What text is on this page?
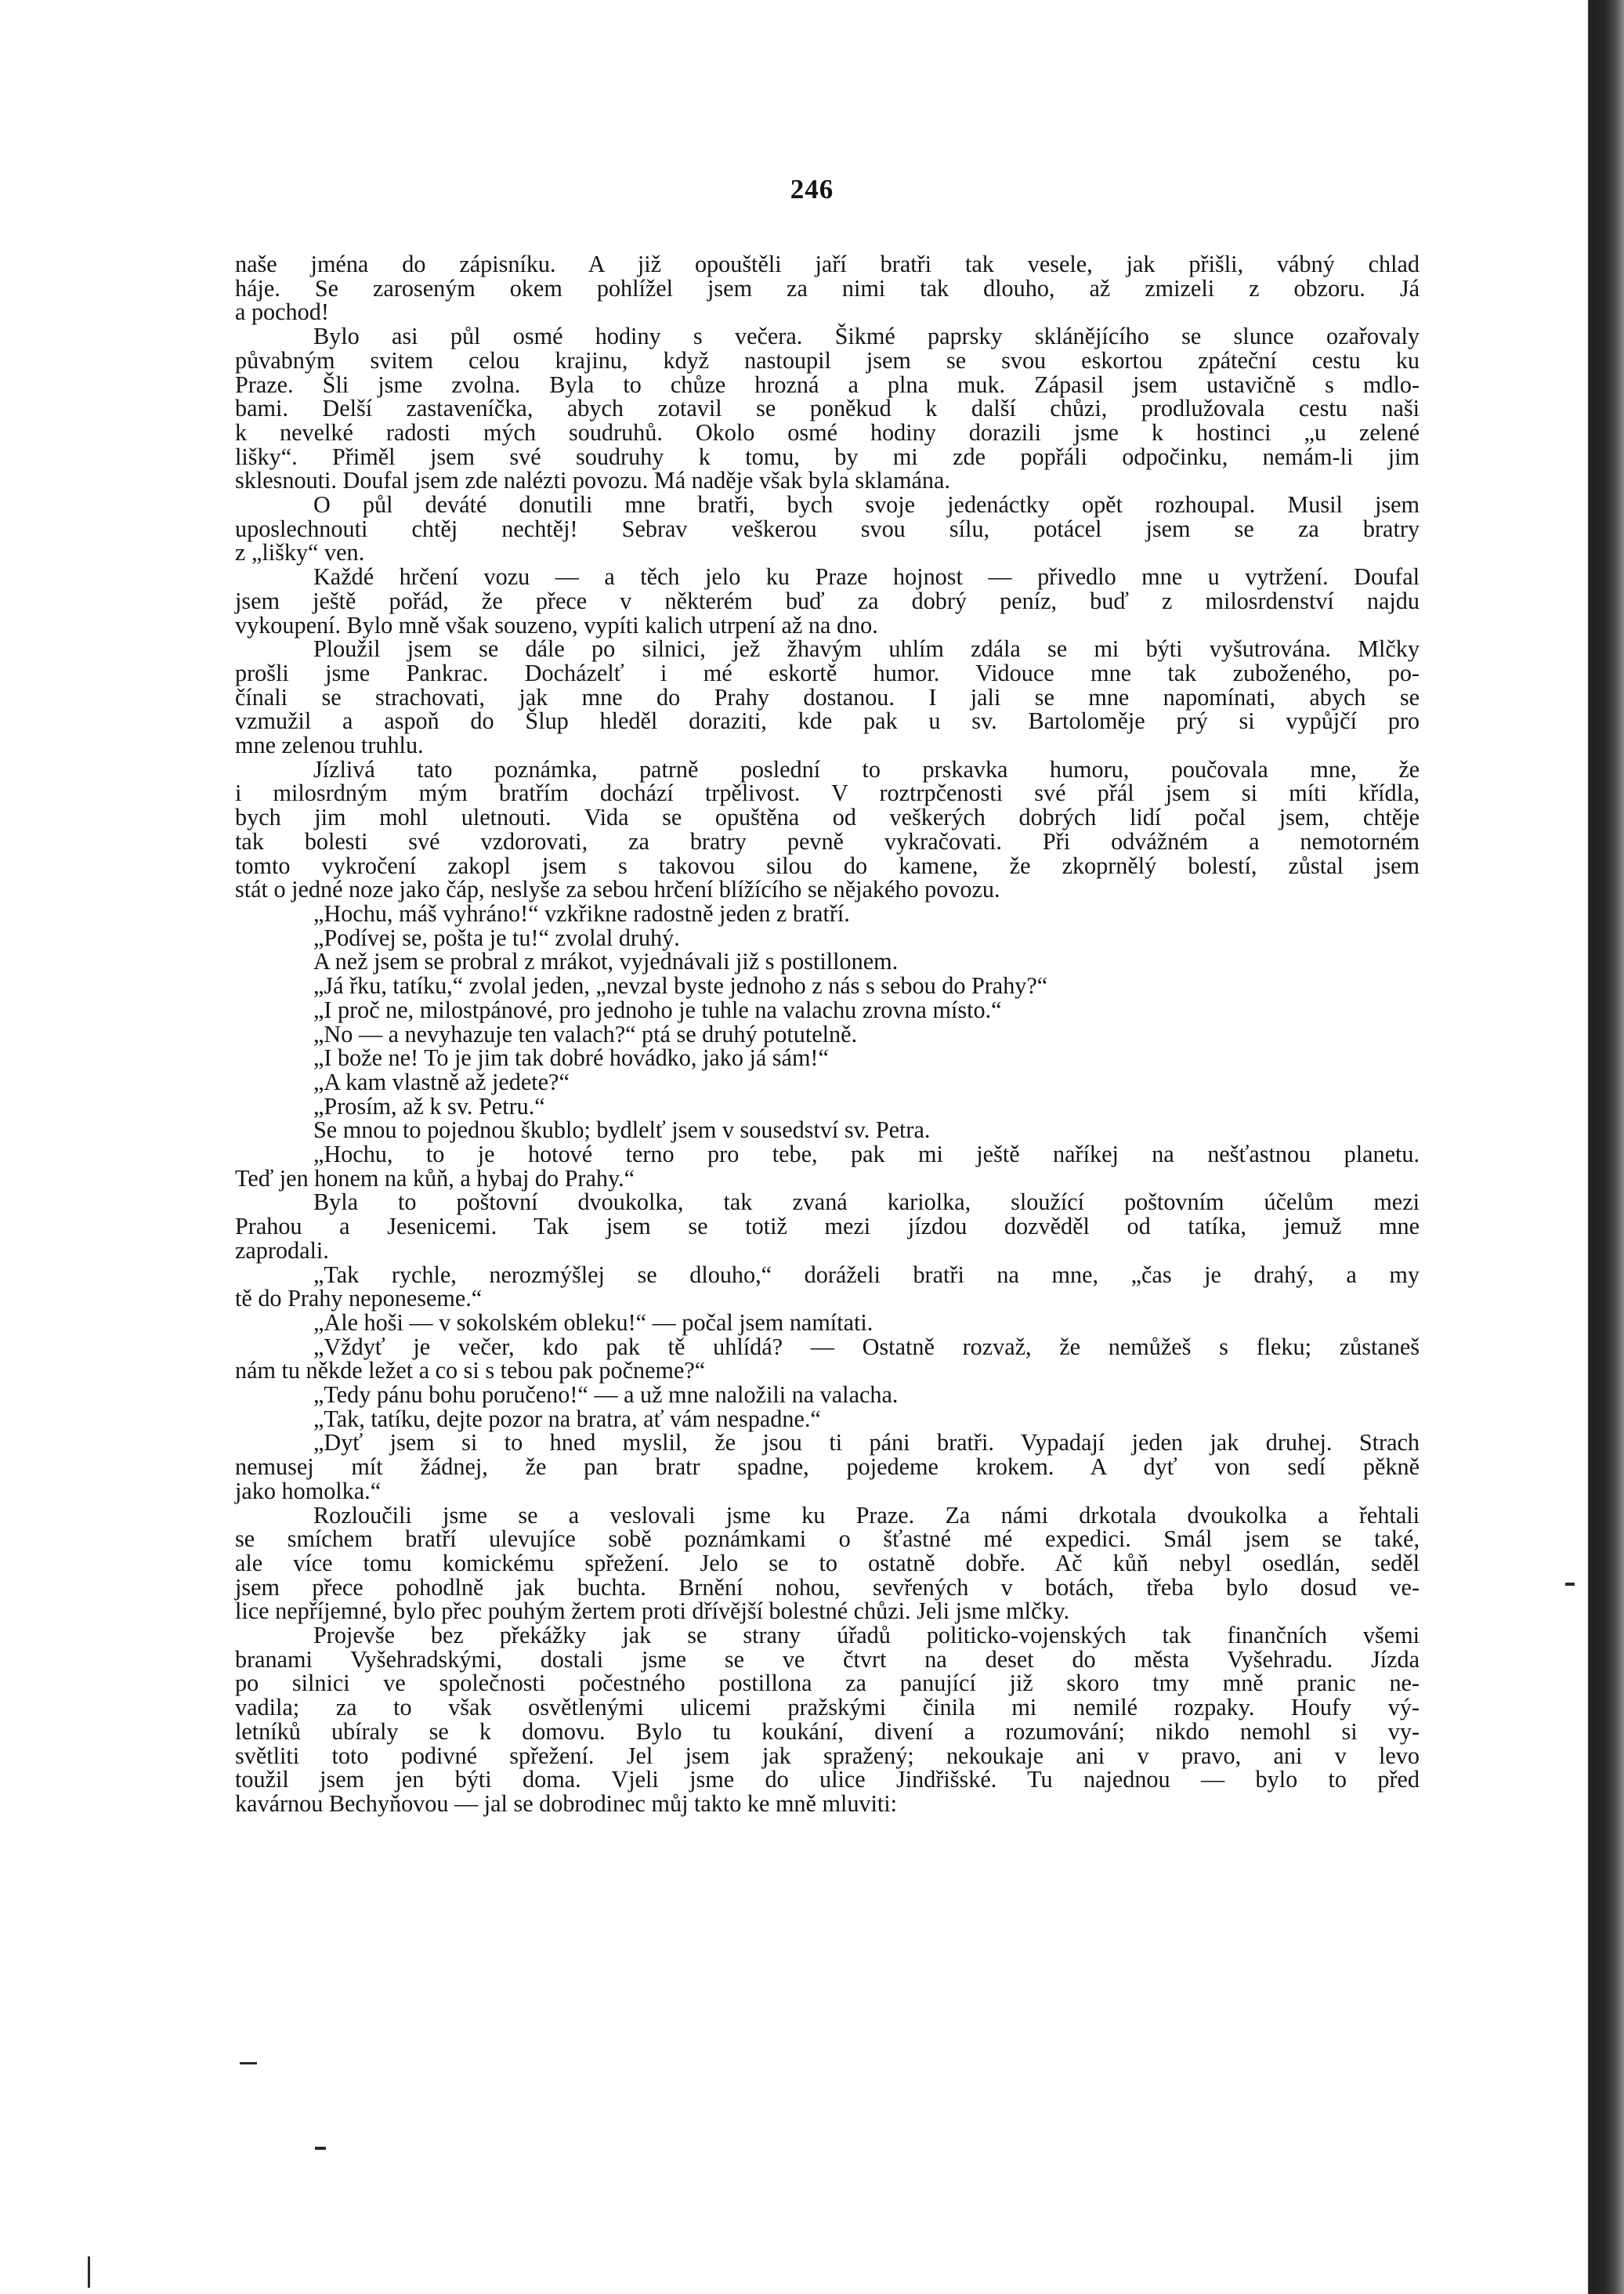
246
naše jména do zápisníku. A již opouštěli jaří bratři tak vesele, jak přišli, vábný chlad
háje. Se zaroseným okem pohlížel jsem za nimi tak dlouho, až zmizeli z obzoru. Já
a pochod!
Bylo asi půl osmé hodiny s večera. Šikmé paprsky sklánějícího se slunce ozařovaly
půvabným svitem celou krajinu, když nastoupil jsem se svou eskortou zpáteční cestu ku
Praze. Šli jsme zvolna. Byla to chůze hrozná a plna muk. Zápasil jsem ustavičně s mdlo-
bami. Delší zastaveníčka, abych zotavil se poněkud k další chůzi, prodlužovala cestu naši
k nevelké radosti mých soudruhů. Okolo osmé hodiny dorazili jsme k hostinci „u zelené
lišky“. Přiměl jsem své soudruhy k tomu, by mi zde popřáli odpočinku, nemám-li jim
sklesnouti. Doufal jsem zde nalézti povozu. Má naděje však byla sklamána.
O půl deváté donutili mne bratři, bych svoje jedenáctky opět rozhoupal. Musil jsem
uposlechnouti chtěj nechtěj! Sebrav veškerou svou sílu, potácel jsem se za bratry
z „lišky“ ven.
Každé hrčení vozu — a těch jelo ku Praze hojnost — přivedlo mne u vytržení. Doufal
jsem ještě pořád, že přece v některém buď za dobrý peníz, buď z milosrdenství najdu
vykoupení. Bylo mně však souzeno, vypíti kalich utrpení až na dno.
Ploužil jsem se dále po silnici, jež žhavým uhlím zdála se mi býti vyšutrována. Mlčky
prošli jsme Pankrac. Docházelť i mé eskortě humor. Vidouce mne tak zuboženého, po-
čínali se strachovati, jak mne do Prahy dostanou. I jali se mne napomínati, abych se
vzmužil a aspoň do Šlup hleděl doraziti, kde pak u sv. Bartoloměje prý si vypůjčí pro
mne zelenou truhlu.
Jízlivá tato poznámka, patrně poslední to prskavka humoru, poučovala mne, že
i milosrdným mým bratřím dochází trpělivost. V roztrpčenosti své přál jsem si míti křídla,
bych jim mohl uletnouti. Vida se opuštěna od veškerých dobrých lidí počal jsem, chtěje
tak bolesti své vzdorovati, za bratry pevně vykračovati. Při odvážném a nemotorném
tomto vykročení zakopl jsem s takovou silou do kamene, že zkoprnělý bolestí, zůstal jsem
stát o jedné noze jako čáp, neslyše za sebou hrčení blížícího se nějakého povozu.
„Hochu, máš vyhráno!“ vzkřikne radostně jeden z bratří.
„Podívej se, pošta je tu!“ zvolal druhý.
A než jsem se probral z mrákot, vyjednávali již s postillonem.
„Já řku, tatíku,“ zvolal jeden, „nevzal byste jednoho z nás s sebou do Prahy?“
„I proč ne, milostpánové, pro jednoho je tuhle na valachu zrovna místo.“
„No — a nevyhazuje ten valach?“ ptá se druhý potutelně.
„I bože ne! To je jim tak dobré hovádko, jako já sám!“
„A kam vlastně až jedete?“
„Prosím, až k sv. Petru.“
Se mnou to pojednou škublo; bydlelť jsem v sousedství sv. Petra.
„Hochu, to je hotové terno pro tebe, pak mi ještě naříkej na nešťastnou planetu.
Teď jen honem na kůň, a hybaj do Prahy.“
Byla to poštovní dvoukolka, tak zvaná kariolka, sloužící poštovním účelům mezi
Prahou a Jesenicemi. Tak jsem se totiž mezi jízdou dozvěděl od tatíka, jemuž mne
zaprodali.
„Tak rychle, nerozmýšlej se dlouho,“ doráželi bratři na mne, „čas je drahý, a my
tě do Prahy neponeseme.“
„Ale hoši — v sokolském obleku!“ — počal jsem namítati.
„Vždyť je večer, kdo pak tě uhlídá? — Ostatně rozvaž, že nemůžeš s fleku; zůstaneš
nám tu někde ležet a co si s tebou pak počneme?“
„Tedy pánu bohu poručeno!“ — a už mne naložili na valacha.
„Tak, tatíku, dejte pozor na bratra, ať vám nespadne.“
„Dyť jsem si to hned myslil, že jsou ti páni bratři. Vypadají jeden jak druhej. Strach
nemusej mít žádnej, že pan bratr spadne, pojedeme krokem. A dyť von sedí pěkně
jako homolka.“
Rozloučili jsme se a veslovali jsme ku Praze. Za námi drkotala dvoukolka a řehtali
se smíchem bratří ulevujíce sobě poznámkami o šťastné mé expedici. Smál jsem se také,
ale více tomu komickému spřežení. Jelo se to ostatně dobře. Ač kůň nebyl osedlán, seděl
jsem přece pohodlně jak buchta. Brnění nohou, sevřených v botách, třeba bylo dosud ve-
lice nepříjemné, bylo přec pouhým žertem proti dřívější bolestné chůzi. Jeli jsme mlčky.
Projevše bez překážky jak se strany úřadů politicko-vojenských tak finančních všemi
branami Vyšehradskými, dostali jsme se ve čtvrt na deset do města Vyšehradu. Jízda
po silnici ve společnosti počestného postillona za panující již skoro tmy mně pranic ne-
vadila; za to však osvětlenými ulicemi pražskými činila mi nemilé rozpaky. Houfy vý-
letníků ubíraly se k domovu. Bylo tu koukání, divení a rozumování; nikdo nemohl si vy-
světliti toto podivné spřežení. Jel jsem jak spražený; nekoukaje ani v pravo, ani v levo
toužil jsem jen býti doma. Vjeli jsme do ulice Jindřišské. Tu najednou — bylo to před
kavárnou Bechyňovou — jal se dobrodinec můj takto ke mně mluviti:
